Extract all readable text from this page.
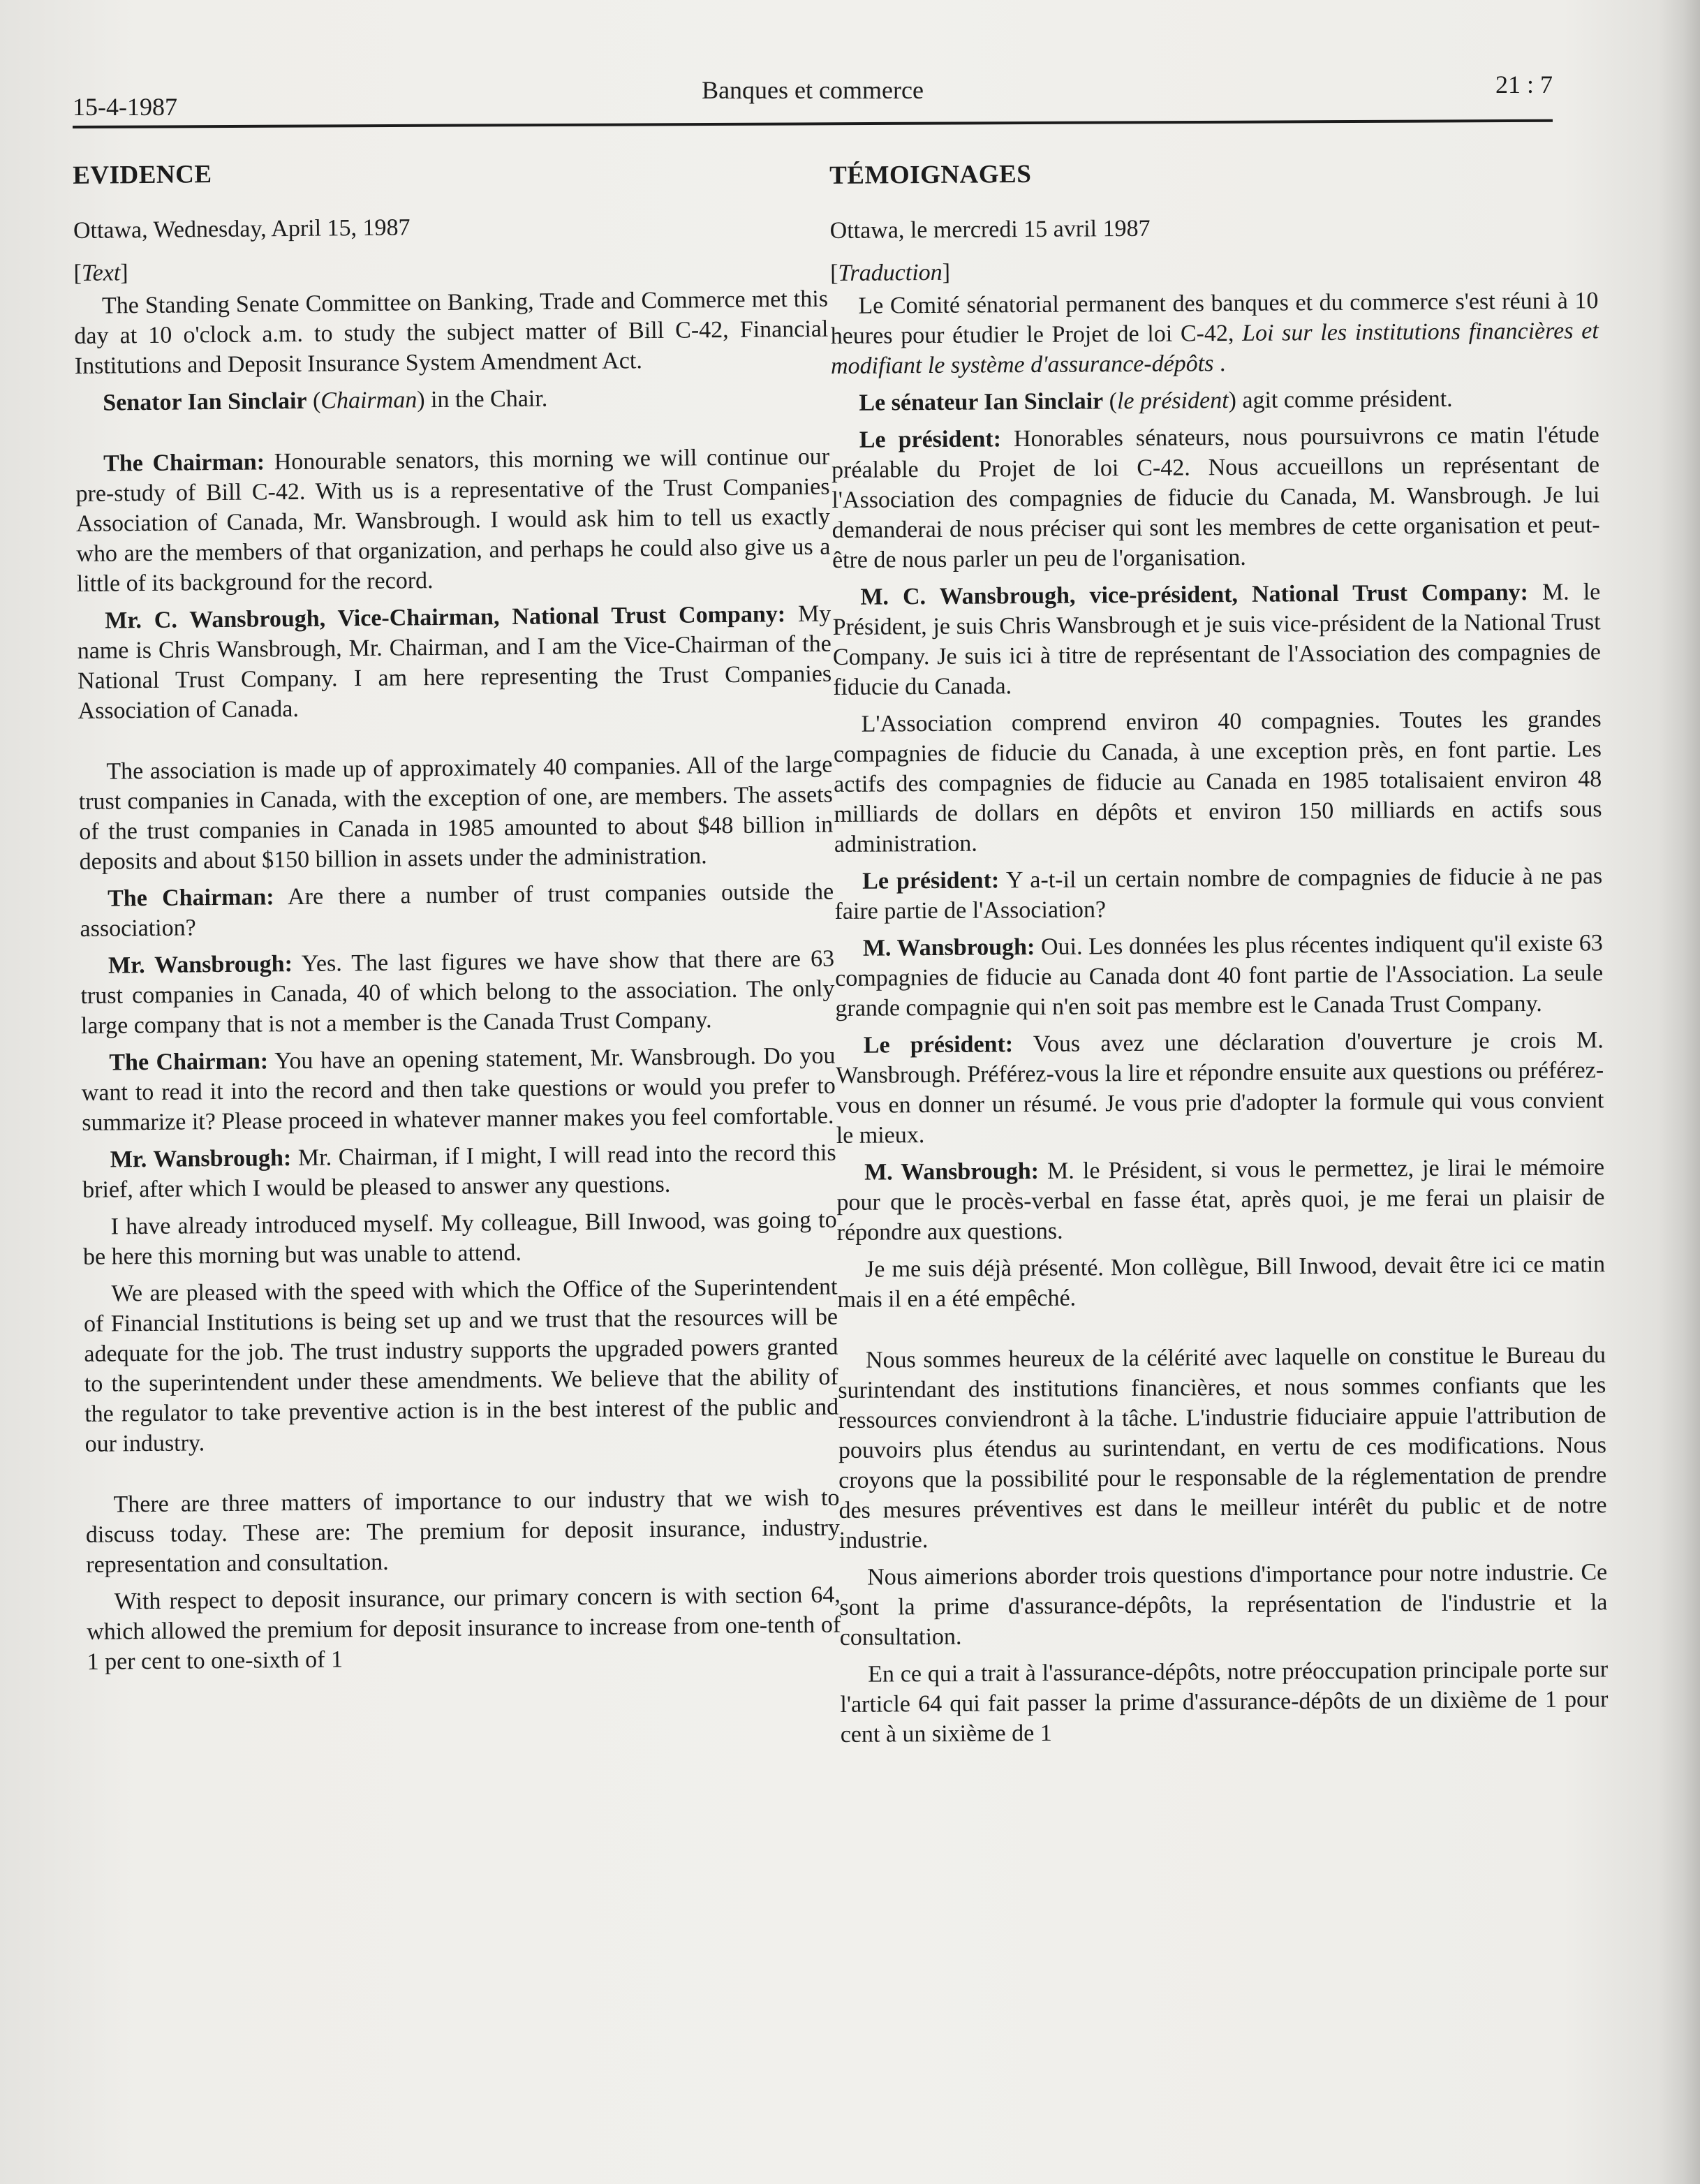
15-4-1987
Banques et commerce	21 : 7
EVIDENCE
Ottawa, Wednesday, April 15, 1987
[Text]

The Standing Senate Committee on Banking, Trade and Commerce met this day at 10 o'clock a.m. to study the subject matter of Bill C-42, Financial Institutions and Deposit Insurance System Amendment Act.

Senator Ian Sinclair (Chairman) in the Chair.

The Chairman: Honourable senators, this morning we will continue our pre-study of Bill C-42. With us is a representative of the Trust Companies Association of Canada, Mr. Wansbrough. I would ask him to tell us exactly who are the members of that organization, and perhaps he could also give us a little of its background for the record.

Mr. C. Wansbrough, Vice-Chairman, National Trust Company: My name is Chris Wansbrough, Mr. Chairman, and I am the Vice-Chairman of the National Trust Company. I am here representing the Trust Companies Association of Canada.

The association is made up of approximately 40 companies. All of the large trust companies in Canada, with the exception of one, are members. The assets of the trust companies in Canada in 1985 amounted to about $48 billion in deposits and about $150 billion in assets under the administration.

The Chairman: Are there a number of trust companies outside the association?

Mr. Wansbrough: Yes. The last figures we have show that there are 63 trust companies in Canada, 40 of which belong to the association. The only large company that is not a member is the Canada Trust Company.

The Chairman: You have an opening statement, Mr. Wansbrough. Do you want to read it into the record and then take questions or would you prefer to summarize it? Please proceed in whatever manner makes you feel comfortable.

Mr. Wansbrough: Mr. Chairman, if I might, I will read into the record this brief, after which I would be pleased to answer any questions.

I have already introduced myself. My colleague, Bill Inwood, was going to be here this morning but was unable to attend.

We are pleased with the speed with which the Office of the Superintendent of Financial Institutions is being set up and we trust that the resources will be adequate for the job. The trust industry supports the upgraded powers granted to the superintendent under these amendments. We believe that the ability of the regulator to take preventive action is in the best interest of the public and our industry.

There are three matters of importance to our industry that we wish to discuss today. These are: The premium for deposit insurance, industry representation and consultation.

With respect to deposit insurance, our primary concern is with section 64, which allowed the premium for deposit insurance to increase from one-tenth of 1 per cent to one-sixth of 1

TÉMOIGNAGES
Ottawa, le mercredi 15 avril 1987
[Traduction]

Le Comité sénatorial permanent des banques et du commerce s'est réuni à 10 heures pour étudier le Projet de loi C-42, Loi sur les institutions financières et modifiant le système d'assurance-dépôts .

Le sénateur Ian Sinclair (le président) agit comme président.

Le président: Honorables sénateurs, nous poursuivrons ce matin l'étude préalable du Projet de loi C-42. Nous accueillons un représentant de l'Association des compagnies de fiducie du Canada, M. Wansbrough. Je lui demanderai de nous préciser qui sont les membres de cette organisation et peut-être de nous parler un peu de l'organisation.

M. C. Wansbrough, vice-président, National Trust Company: M. le Président, je suis Chris Wansbrough et je suis vice-président de la National Trust Company. Je suis ici à titre de représentant de l'Association des compagnies de fiducie du Canada.

L'Association comprend environ 40 compagnies. Toutes les grandes compagnies de fiducie du Canada, à une exception près, en font partie. Les actifs des compagnies de fiducie au Canada en 1985 totalisaient environ 48 milliards de dollars en dépôts et environ 150 milliards en actifs sous administration.

Le président: Y a-t-il un certain nombre de compagnies de fiducie à ne pas faire partie de l'Association?

M. Wansbrough: Oui. Les données les plus récentes indiquent qu'il existe 63 compagnies de fiducie au Canada dont 40 font partie de l'Association. La seule grande compagnie qui n'en soit pas membre est le Canada Trust Company.

Le président: Vous avez une déclaration d'ouverture je crois M. Wansbrough. Préférez-vous la lire et répondre ensuite aux questions ou préférez-vous en donner un résumé. Je vous prie d'adopter la formule qui vous convient le mieux.

M. Wansbrough: M. le Président, si vous le permettez, je lirai le mémoire pour que le procès-verbal en fasse état, après quoi, je me ferai un plaisir de répondre aux questions.

Je me suis déjà présenté. Mon collègue, Bill Inwood, devait être ici ce matin mais il en a été empêché.

Nous sommes heureux de la célérité avec laquelle on constitue le Bureau du surintendant des institutions financières, et nous sommes confiants que les ressources conviendront à la tâche. L'industrie fiduciaire appuie l'attribution de pouvoirs plus étendus au surintendant, en vertu de ces modifications. Nous croyons que la possibilité pour le responsable de la réglementation de prendre des mesures préventives est dans le meilleur intérêt du public et de notre industrie.

Nous aimerions aborder trois questions d'importance pour notre industrie. Ce sont la prime d'assurance-dépôts, la représentation de l'industrie et la consultation.

En ce qui a trait à l'assurance-dépôts, notre préoccupation principale porte sur l'article 64 qui fait passer la prime d'assurance-dépôts de un dixième de 1 pour cent à un sixième de 1
